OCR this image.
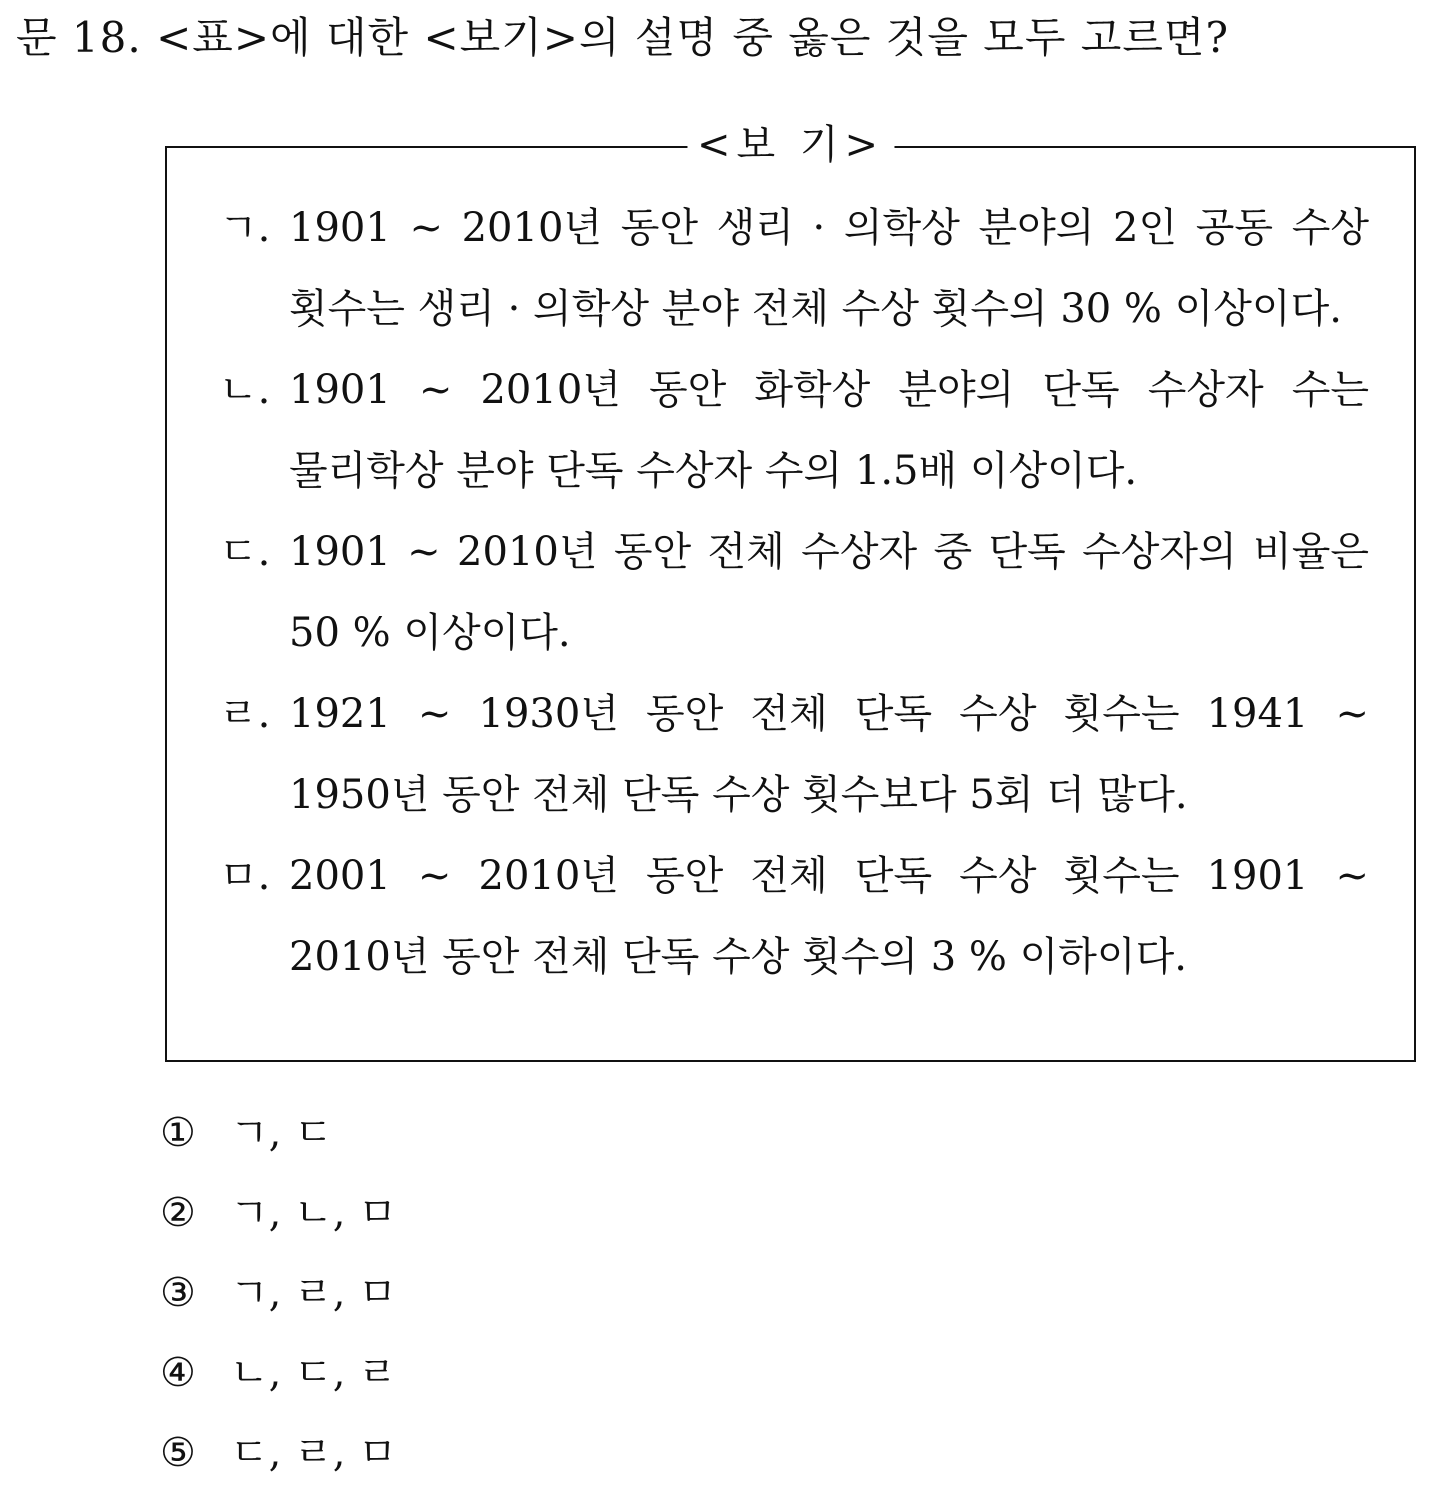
문 18. <표>에 대한 <보기>의 설명 중 옳은 것을 모두 고르면?
<보 기>
ㄱ. 1901 ~ 2010년 동안 생리 · 의학상 분야의 2인 공동 수상 횟수는 생리 · 의학상 분야 전체 수상 횟수의 30 % 이상이다.
ㄴ. 1901 ~ 2010년 동안 화학상 분야의 단독 수상자 수는 물리학상 분야 단독 수상자 수의 1.5배 이상이다.
ㄷ. 1901 ~ 2010년 동안 전체 수상자 중 단독 수상자의 비율은 50 % 이상이다.
ㄹ. 1921 ~ 1930년 동안 전체 단독 수상 횟수는 1941 ~ 1950년 동안 전체 단독 수상 횟수보다 5회 더 많다.
ㅁ. 2001 ~ 2010년 동안 전체 단독 수상 횟수는 1901 ~ 2010년 동안 전체 단독 수상 횟수의 3 % 이하이다.
① ㄱ, ㄷ
② ㄱ, ㄴ, ㅁ
③ ㄱ, ㄹ, ㅁ
④ ㄴ, ㄷ, ㄹ
⑤ ㄷ, ㄹ, ㅁ
